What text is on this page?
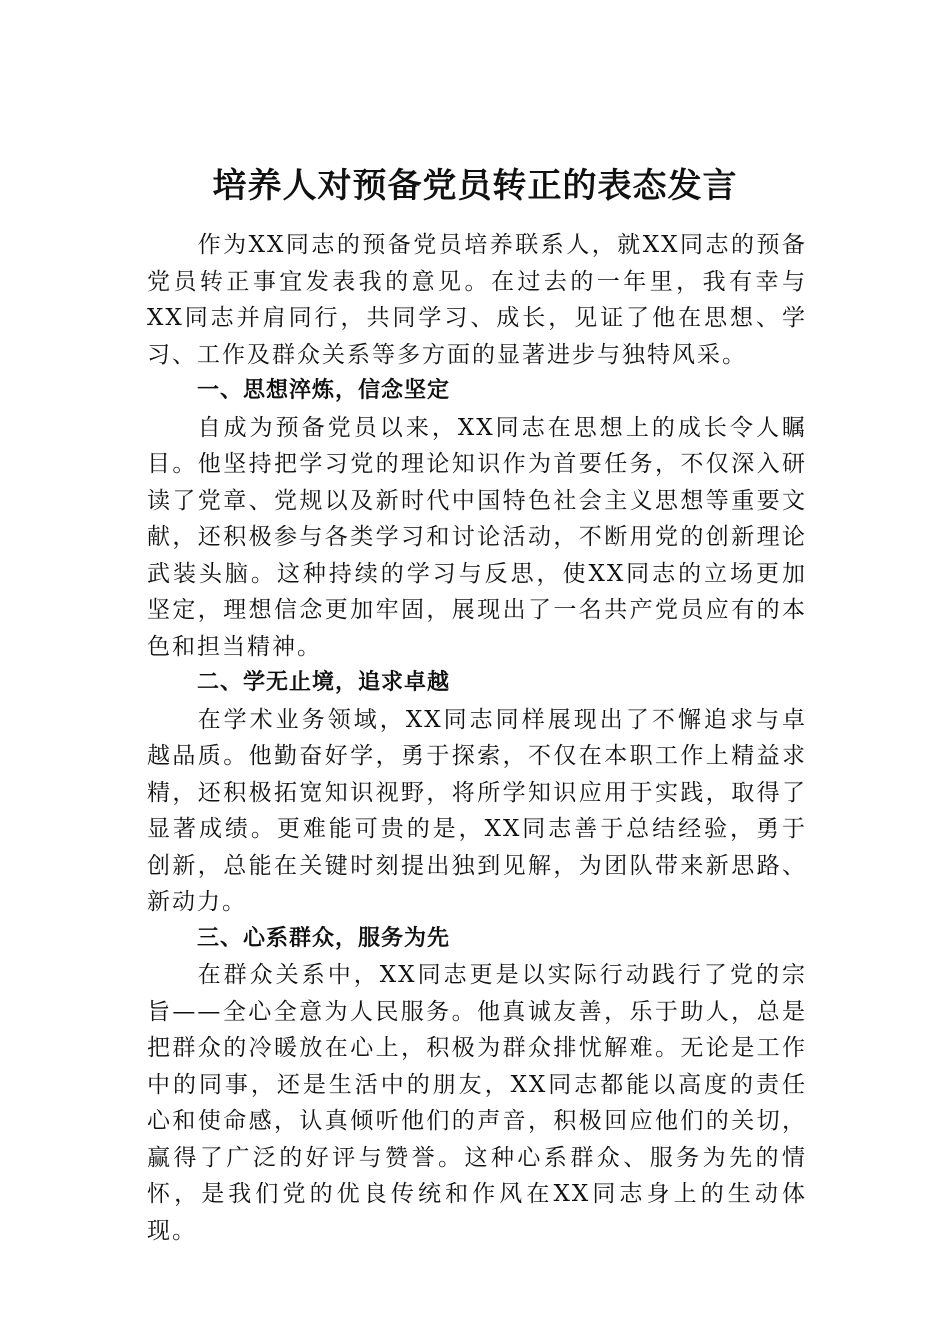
培养人对预备党员转正的表态发言

作为XX同志的预备党员培养联系人，就XX同志的预备党员转正事宜发表我的意见。在过去的一年里，我有幸与XX同志并肩同行，共同学习、成长，见证了他在思想、学习、工作及群众关系等多方面的显著进步与独特风采。

一、思想淬炼，信念坚定

自成为预备党员以来，XX同志在思想上的成长令人瞩目。他坚持把学习党的理论知识作为首要任务，不仅深入研读了党章、党规以及新时代中国特色社会主义思想等重要文献，还积极参与各类学习和讨论活动，不断用党的创新理论武装头脑。这种持续的学习与反思，使XX同志的立场更加坚定，理想信念更加牢固，展现出了一名共产党员应有的本色和担当精神。

二、学无止境，追求卓越

在学术业务领域，XX同志同样展现出了不懈追求与卓越品质。他勤奋好学，勇于探索，不仅在本职工作上精益求精，还积极拓宽知识视野，将所学知识应用于实践，取得了显著成绩。更难能可贵的是，XX同志善于总结经验，勇于创新，总能在关键时刻提出独到见解，为团队带来新思路、新动力。

三、心系群众，服务为先

在群众关系中，XX同志更是以实际行动践行了党的宗旨——全心全意为人民服务。他真诚友善，乐于助人，总是把群众的冷暖放在心上，积极为群众排忧解难。无论是工作中的同事，还是生活中的朋友，XX同志都能以高度的责任心和使命感，认真倾听他们的声音，积极回应他们的关切，赢得了广泛的好评与赞誉。这种心系群众、服务为先的情怀，是我们党的优良传统和作风在XX同志身上的生动体现。
